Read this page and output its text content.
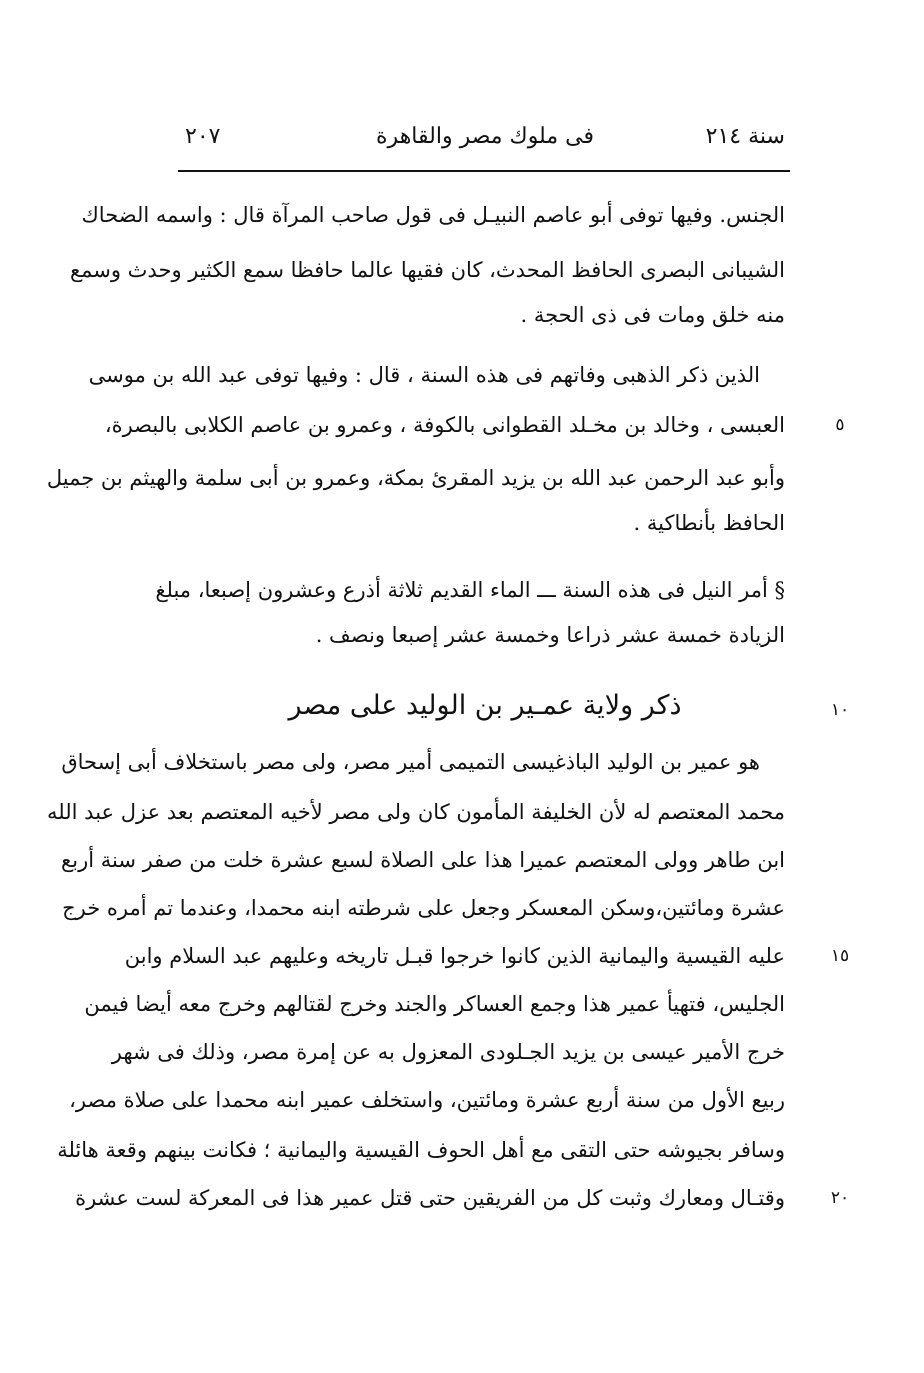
سنة ٢١٤
فى ملوك مصر والقاهرة
٢٠٧
الجنس. وفيها توفى أبو عاصم النبيـل فى قول صاحب المرآة قال : واسمه الضحاك
الشيبانى البصرى الحافظ المحدث، كان فقيها عالما حافظا سمع الكثير وحدث وسمع
منه خلق ومات فى ذى الحجة .
الذين ذكر الذهبى وفاتهم فى هذه السنة ، قال : وفيها توفى عبد الله بن موسى
العبسى ، وخالد بن مخـلد القطوانى بالكوفة ، وعمرو بن عاصم الكلابى بالبصرة،
وأبو عبد الرحمن عبد الله بن يزيد المقرئ بمكة، وعمرو بن أبى سلمة والهيثم بن جميل
الحافظ بأنطاكية .
§ أمر النيل فى هذه السنة ـــ الماء القديم ثلاثة أذرع وعشرون إصبعا، مبلغ
الزيادة خمسة عشر ذراعا وخمسة عشر إصبعا ونصف .
ذكر ولاية عمـير بن الوليد على مصر
هو عمير بن الوليد الباذغيسى التميمى أمير مصر، ولى مصر باستخلاف أبى إسحاق
محمد المعتصم له لأن الخليفة المأمون كان ولى مصر لأخيه المعتصم بعد عزل عبد الله
ابن طاهر وولى المعتصم عميرا هذا على الصلاة لسبع عشرة خلت من صفر سنة أربع
عشرة ومائتين،وسكن المعسكر وجعل على شرطته ابنه محمدا، وعندما تم أمره خرج
عليه القيسية واليمانية الذين كانوا خرجوا قبـل تاريخه وعليهم عبد السلام وابن
الجليس، فتهيأ عمير هذا وجمع العساكر والجند وخرج لقتالهم وخرج معه أيضا فيمن
خرج الأمير عيسى بن يزيد الجـلودى المعزول به عن إمرة مصر، وذلك فى شهر
ربيع الأول من سنة أربع عشرة ومائتين، واستخلف عمير ابنه محمدا على صلاة مصر،
وسافر بجيوشه حتى التقى مع أهل الحوف القيسية واليمانية ؛ فكانت بينهم وقعة هائلة
وقتـال ومعارك وثبت كل من الفريقين حتى قتل عمير هذا فى المعركة لست عشرة
٥
١٠
١٥
٢٠
